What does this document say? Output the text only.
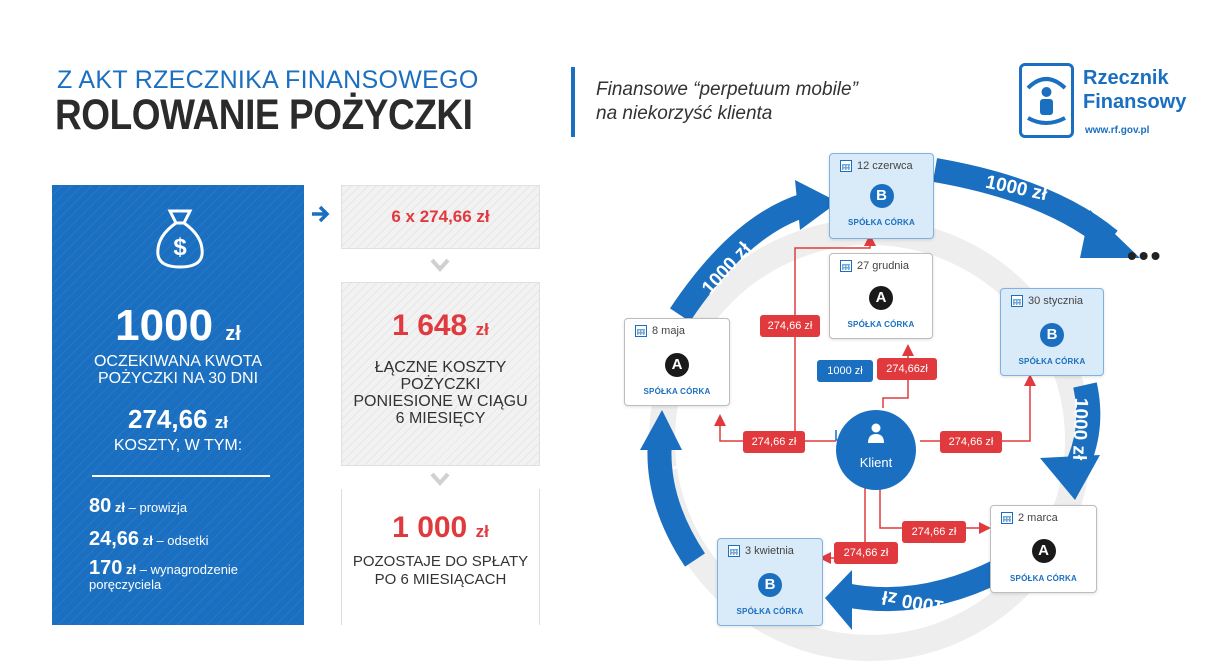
Z AKT RZECZNIKA FINANSOWEGO
ROLOWANIE POŻYCZKI
Finansowe “perpetuum mobile”
na niekorzyść klienta
Rzecznik
Finansowy
www.rf.gov.pl
$
1000 zł
OCZEKIWANA KWOTA
POŻYCZKI NA 30 DNI
274,66 zł
KOSZTY, W TYM:
80 zł – prowizja
24,66 zł – odsetki
170 zł – wynagrodzenie
poręczyciela
6 x 274,66 zł
1 648 zł
ŁĄCZNE KOSZTY
POŻYCZKI
PONIESIONE W CIĄGU
6 MIESIĘCY
1 000 zł
POZOSTAJE DO SPŁATY
PO 6 MIESIĄCACH
1000 zł
1000 zł
1000 zł
1000 zł
1000 zł
12 czerwca
B
SPÓŁKA CÓRKA
27 grudnia
A
SPÓŁKA CÓRKA
30 stycznia
B
SPÓŁKA CÓRKA
8 maja
A
SPÓŁKA CÓRKA
2 marca
A
SPÓŁKA CÓRKA
3 kwietnia
B
SPÓŁKA CÓRKA
274,66 zł
1000 zł	274,66zł
274,66 zł	274,66 zł
274,66 zł
274,66 zł
Klient
•••
